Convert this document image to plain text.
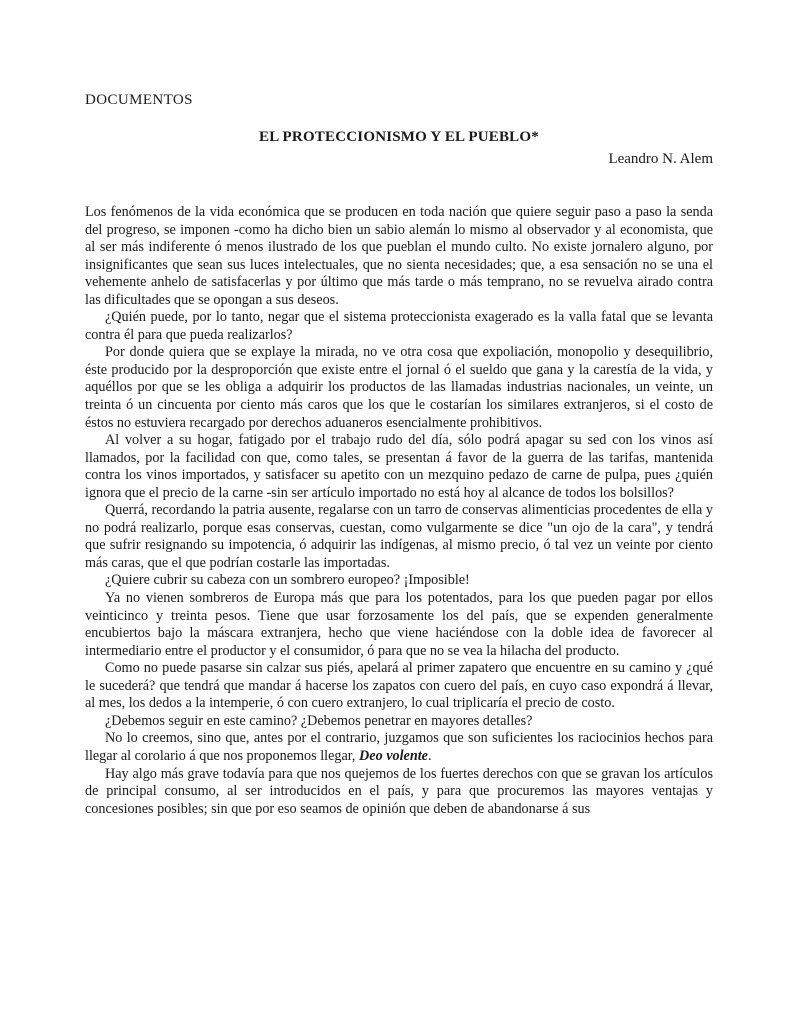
DOCUMENTOS
EL PROTECCIONISMO Y EL PUEBLO*
Leandro N. Alem

Los fenómenos de la vida económica que se producen en toda nación que quiere seguir paso a paso la senda del progreso, se imponen -como ha dicho bien un sabio alemán lo mismo al observador y al economista, que al ser más indiferente ó menos ilustrado de los que pueblan el mundo culto. No existe jornalero alguno, por insignificantes que sean sus luces intelectuales, que no sienta necesidades; que, a esa sensación no se una el vehemente anhelo de satisfacerlas y por último que más tarde o más temprano, no se revuelva airado contra las dificultades que se opongan a sus deseos.

¿Quién puede, por lo tanto, negar que el sistema proteccionista exagerado es la valla fatal que se levanta contra él para que pueda realizarlos?

Por donde quiera que se explaye la mirada, no ve otra cosa que expoliación, monopolio y desequilibrio, éste producido por la desproporción que existe entre el jornal ó el sueldo que gana y la carestía de la vida, y aquéllos por que se les obliga a adquirir los productos de las llamadas industrias nacionales, un veinte, un treinta ó un cincuenta por ciento más caros que los que le costarían los similares extranjeros, si el costo de éstos no estuviera recargado por derechos aduaneros esencialmente prohibitivos.

Al volver a su hogar, fatigado por el trabajo rudo del día, sólo podrá apagar su sed con los vinos así llamados, por la facilidad con que, como tales, se presentan á favor de la guerra de las tarifas, mantenida contra los vinos importados, y satisfacer su apetito con un mezquino pedazo de carne de pulpa, pues ¿quién ignora que el precio de la carne -sin ser artículo importado no está hoy al alcance de todos los bolsillos?

Querrá, recordando la patria ausente, regalarse con un tarro de conservas alimenticias procedentes de ella y no podrá realizarlo, porque esas conservas, cuestan, como vulgarmente se dice "un ojo de la cara", y tendrá que sufrir resignando su impotencia, ó adquirir las indígenas, al mismo precio, ó tal vez un veinte por ciento más caras, que el que podrían costarle las importadas.

¿Quiere cubrir su cabeza con un sombrero europeo? ¡Imposible!

Ya no vienen sombreros de Europa más que para los potentados, para los que pueden pagar por ellos veinticinco y treinta pesos. Tiene que usar forzosamente los del país, que se expenden generalmente encubiertos bajo la máscara extranjera, hecho que viene haciéndose con la doble idea de favorecer al intermediario entre el productor y el consumidor, ó para que no se vea la hilacha del producto.

Como no puede pasarse sin calzar sus piés, apelará al primer zapatero que encuentre en su camino y ¿qué le sucederá? que tendrá que mandar á hacerse los zapatos con cuero del país, en cuyo caso expondrá á llevar, al mes, los dedos a la intemperie, ó con cuero extranjero, lo cual triplicaría el precio de costo.

¿Debemos seguir en este camino? ¿Debemos penetrar en mayores detalles?

No lo creemos, sino que, antes por el contrario, juzgamos que son suficientes los raciocinios hechos para llegar al corolario á que nos proponemos llegar, Deo volente.

Hay algo más grave todavía para que nos quejemos de los fuertes derechos con que se gravan los artículos de principal consumo, al ser introducidos en el país, y para que procuremos las mayores ventajas y concesiones posibles; sin que por eso seamos de opinión que deben de abandonarse á sus
